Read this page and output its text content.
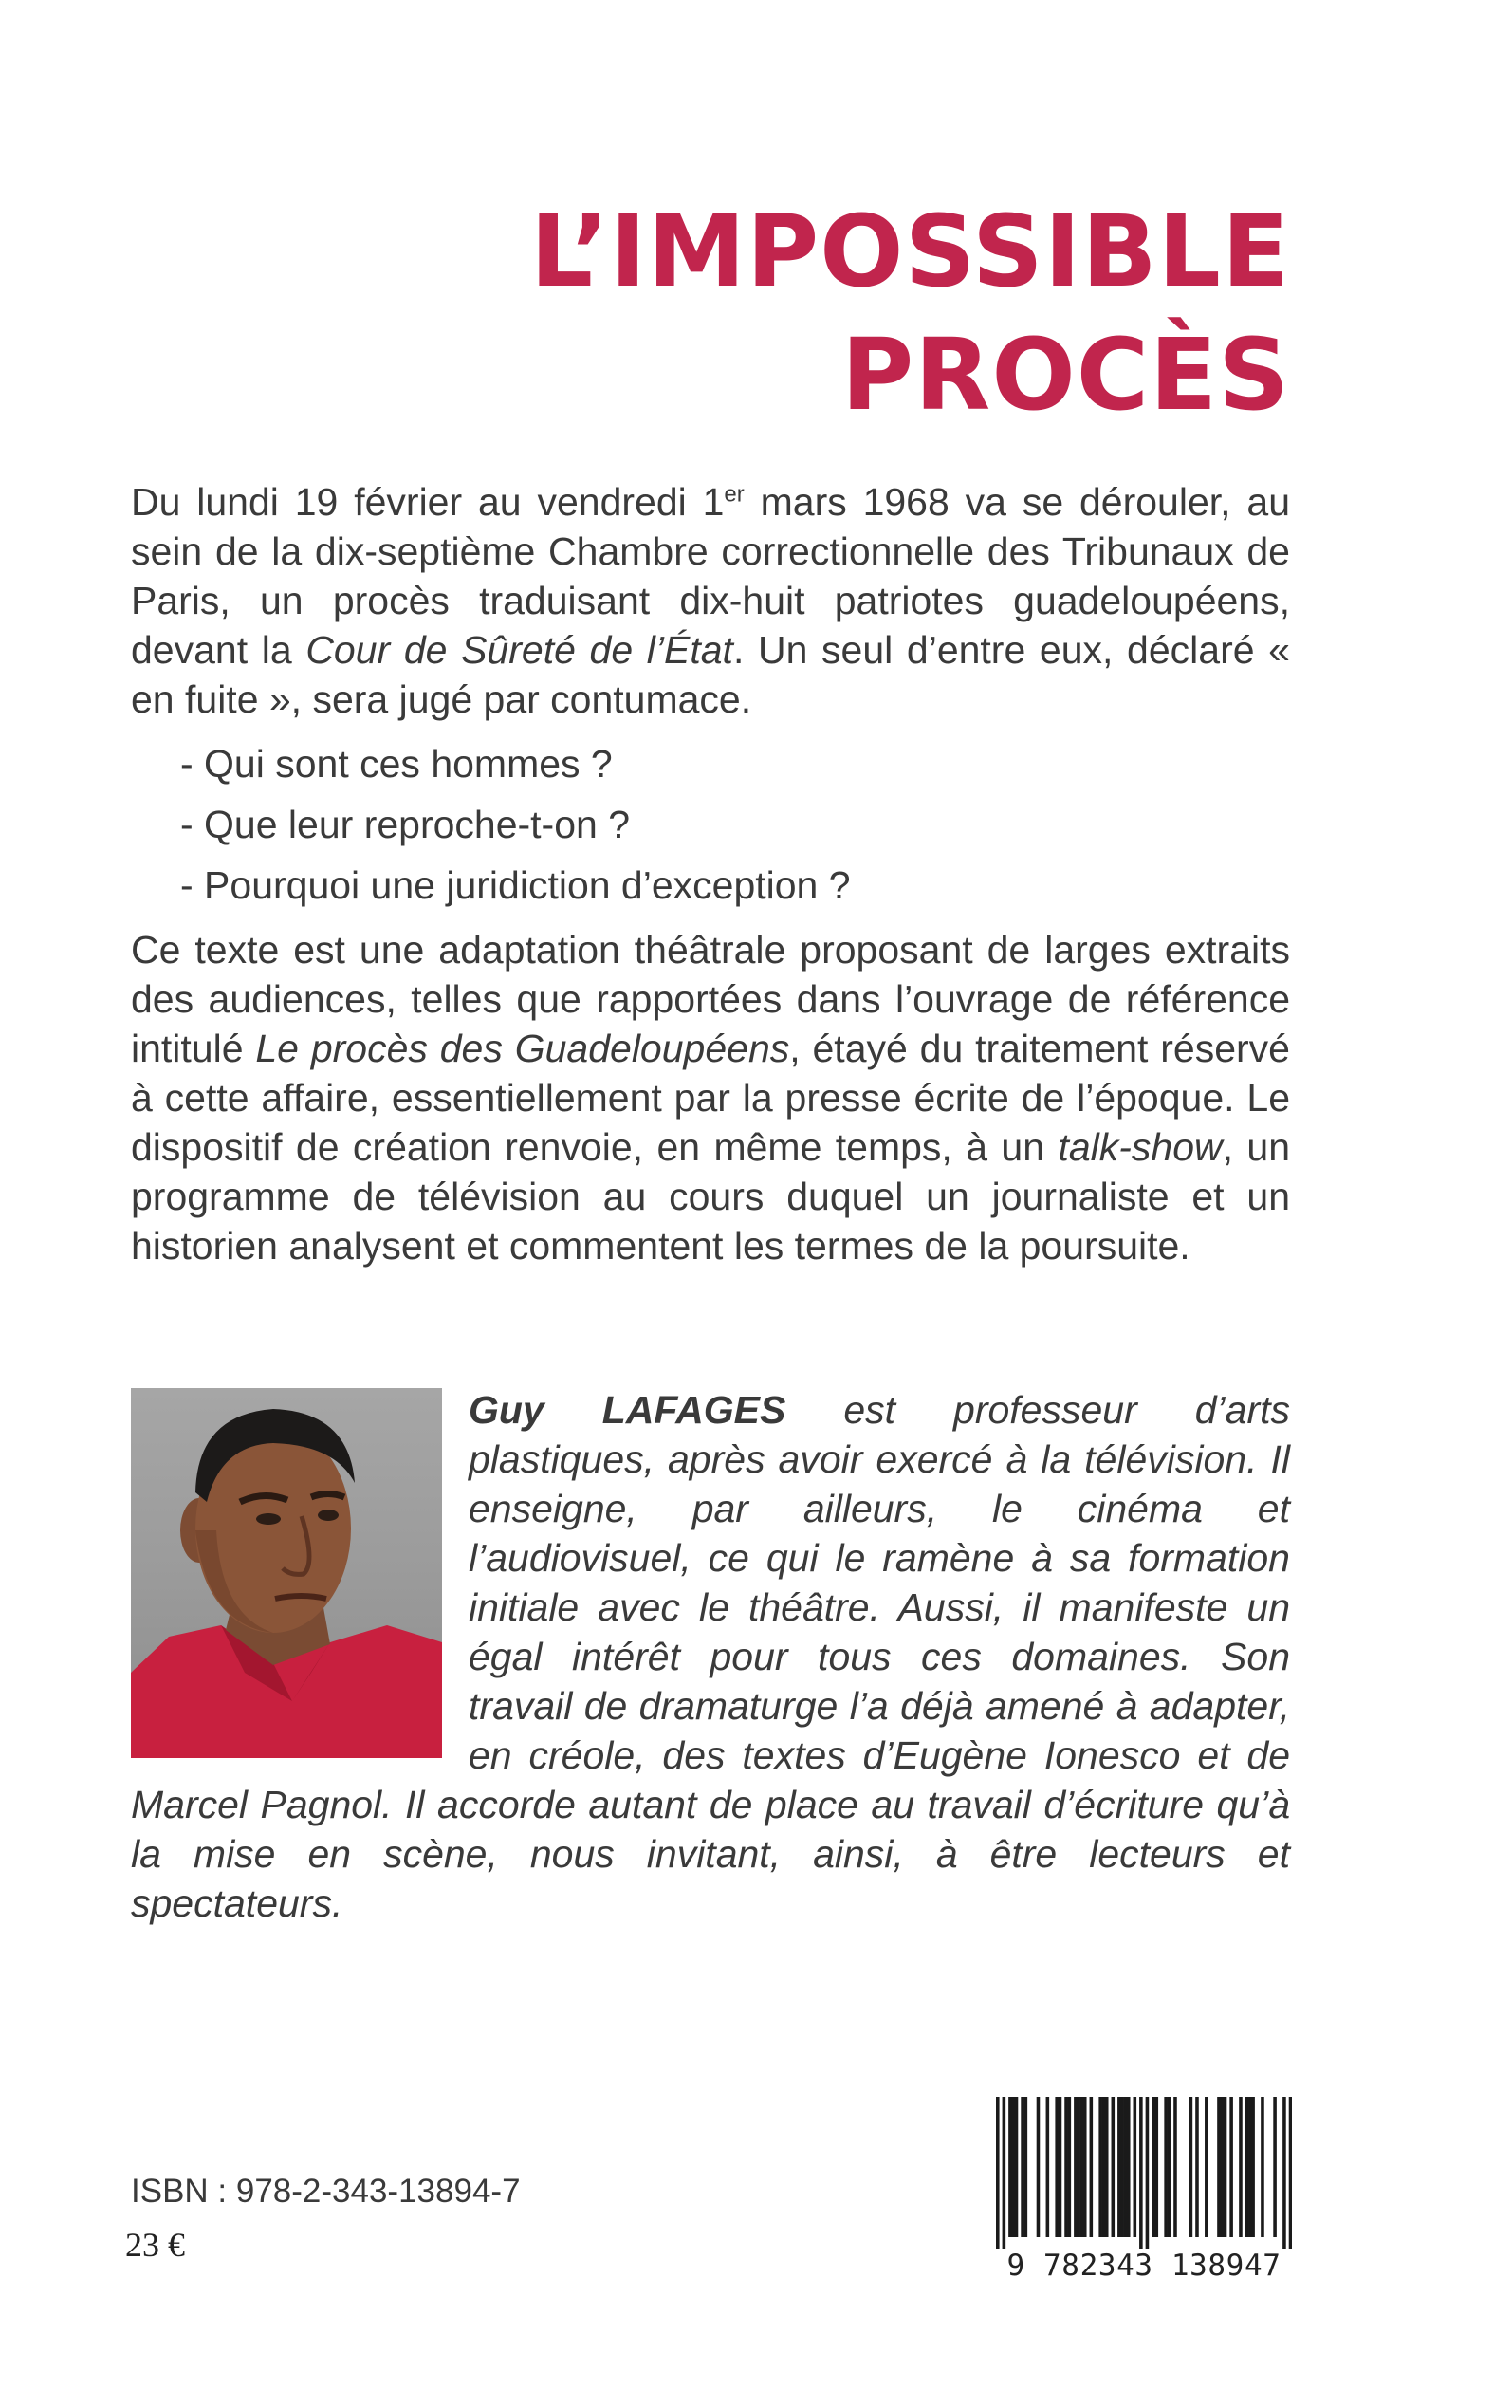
L’IMPOSSIBLE
PROCÈS

Du lundi 19 février au vendredi 1er mars 1968 va se dérouler, au sein de la dix-septième Chambre correctionnelle des Tribunaux de Paris, un procès traduisant dix-huit patriotes guadeloupéens, devant la Cour de Sûreté de l’État. Un seul d’entre eux, déclaré « en fuite », sera jugé par contumace.

- Qui sont ces hommes ?
- Que leur reproche-t-on ?
- Pourquoi une juridiction d’exception ?

Ce texte est une adaptation théâtrale proposant de larges extraits des audiences, telles que rapportées dans l’ouvrage de référence intitulé Le procès des Guadeloupéens, étayé du traitement réservé à cette affaire, essentiellement par la presse écrite de l’époque. Le dispositif de création renvoie, en même temps, à un talk-show, un programme de télévision au cours duquel un journaliste et un historien analysent et commentent les termes de la poursuite.

Guy LAFAGES est professeur d’arts plastiques, après avoir exercé à la télévision. Il enseigne, par ailleurs, le cinéma et l’audiovisuel, ce qui le ramène à sa formation initiale avec le théâtre. Aussi, il manifeste un égal intérêt pour tous ces domaines. Son travail de dramaturge l’a déjà amené à adapter, en créole, des textes d’Eugène Ionesco et de Marcel Pagnol. Il accorde autant de place au travail d’écriture qu’à la mise en scène, nous invitant, ainsi, à être lecteurs et spectateurs.

ISBN : 978-2-343-13894-7

23 €

9 782343 138947
